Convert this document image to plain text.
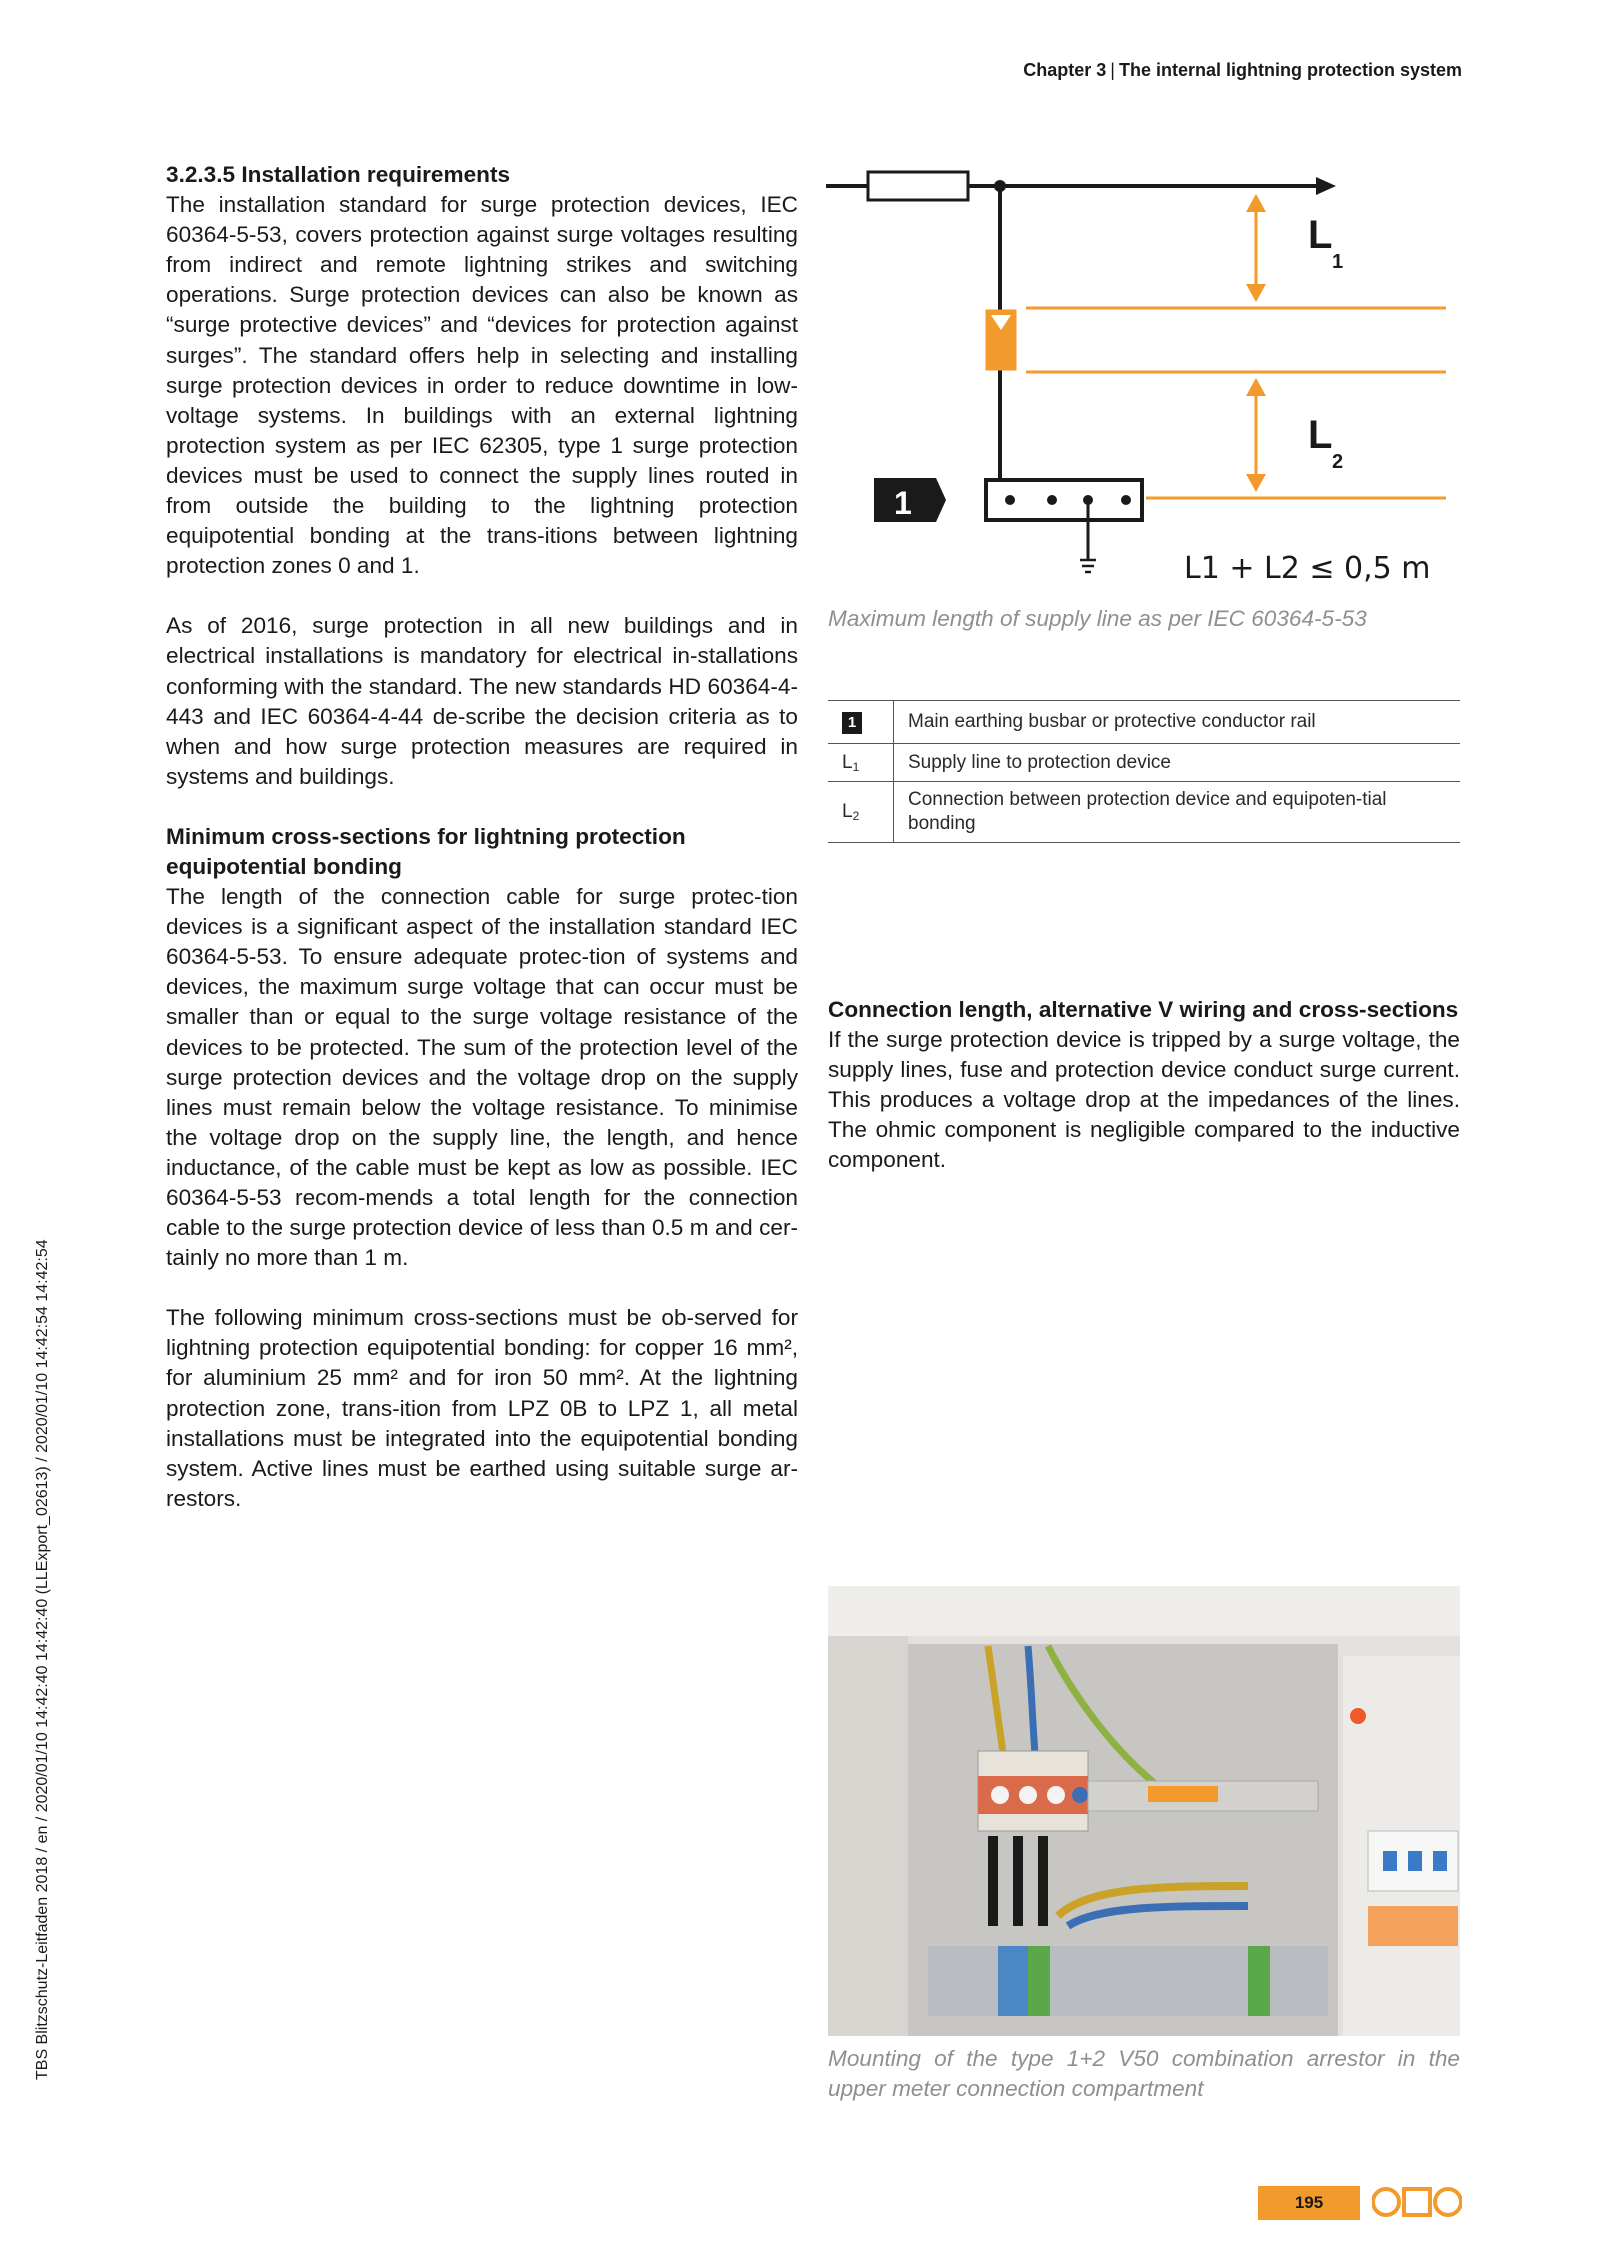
Chapter 3 | The internal lightning protection system
3.2.3.5 Installation requirements

The installation standard for surge protection devices, IEC 60364-5-53, covers protection against surge voltages resulting from indirect and remote lightning strikes and switching operations. Surge protection devices can also be known as “surge protective devices” and “devices for protection against surges”. The standard offers help in selecting and installing surge protection devices in order to reduce downtime in low-voltage systems. In buildings with an external lightning protection system as per IEC 62305, type 1 surge protection devices must be used to connect the supply lines routed in from outside the building to the lightning protection equipotential bonding at the trans-itions between lightning protection zones 0 and 1.

As of 2016, surge protection in all new buildings and in electrical installations is mandatory for electrical in-stallations conforming with the standard. The new standards HD 60364-4-443 and IEC 60364-4-44 de-scribe the decision criteria as to when and how surge protection measures are required in systems and buildings.

Minimum cross-sections for lightning protection equipotential bonding

The length of the connection cable for surge protec-tion devices is a significant aspect of the installation standard IEC 60364-5-53. To ensure adequate protec-tion of systems and devices, the maximum surge voltage that can occur must be smaller than or equal to the surge voltage resistance of the devices to be protected. The sum of the protection level of the surge protection devices and the voltage drop on the supply lines must remain below the voltage resistance. To minimise the voltage drop on the supply line, the length, and hence inductance, of the cable must be kept as low as possible. IEC 60364-5-53 recom-mends a total length for the connection cable to the surge protection device of less than 0.5 m and cer-tainly no more than 1 m.

The following minimum cross-sections must be ob-served for lightning protection equipotential bonding: for copper 16 mm², for aluminium 25 mm² and for iron 50 mm². At the lightning protection zone, trans-ition from LPZ 0B to LPZ 1, all metal installations must be integrated into the equipotential bonding system. Active lines must be earthed using suitable surge ar-restors.

L
1
L
2
1
L1 + L2 ≤ 0,5 m
Maximum length of supply line as per IEC 60364-5-53
1	Main earthing busbar or protective conductor rail
L1	Supply line to protection device
L2	Connection between protection device and equipoten-tial bonding
Connection length, alternative V wiring and cross-sections

If the surge protection device is tripped by a surge voltage, the supply lines, fuse and protection device conduct surge current. This produces a voltage drop at the impedances of the lines. The ohmic component is negligible compared to the inductive component.

Mounting of the type 1+2 V50 combination arrestor in the upper meter connection compartment
TBS Blitzschutz-Leitfaden 2018 / en / 2020/01/10 14:42:40 14:42:40 (LLExport_02613) / 2020/01/10 14:42:54 14:42:54
195
